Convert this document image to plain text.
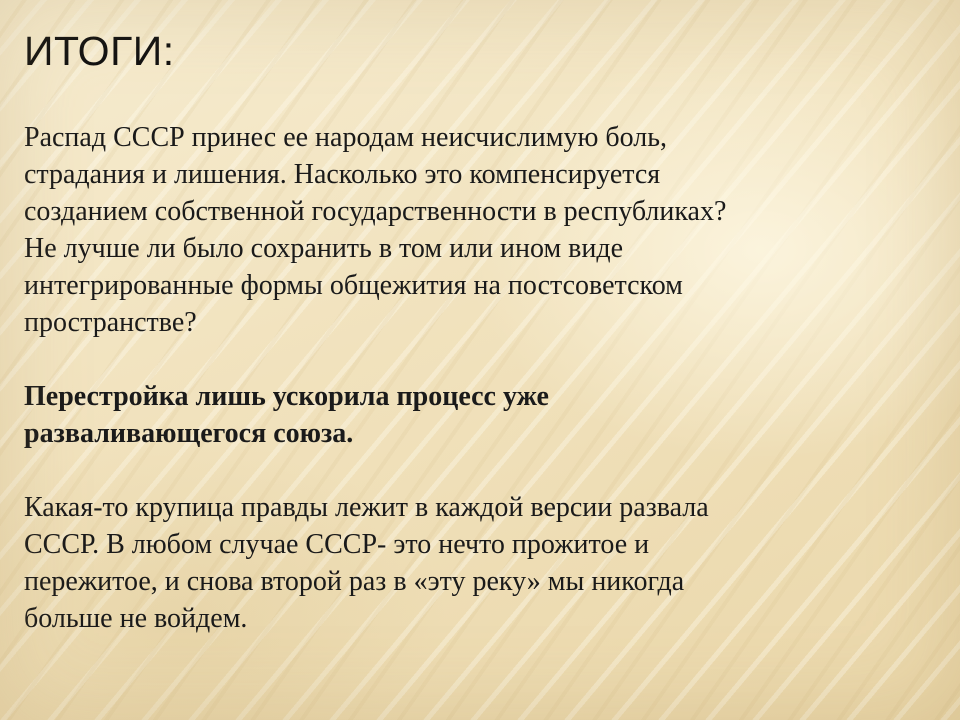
ИТОГИ:

Распад СССР принес ее народам неисчислимую боль,
страдания и лишения. Насколько это компенсируется
созданием собственной государственности в республиках?
Не лучше ли было сохранить в том или ином виде
интегрированные формы общежития на постсоветском
пространстве?

Перестройка лишь ускорила процесс уже
разваливающегося союза.

Какая-то крупица правды лежит в каждой версии развала
СССР. В любом случае СССР- это нечто прожитое и
пережитое, и снова второй раз в «эту реку» мы никогда
больше не войдем.
